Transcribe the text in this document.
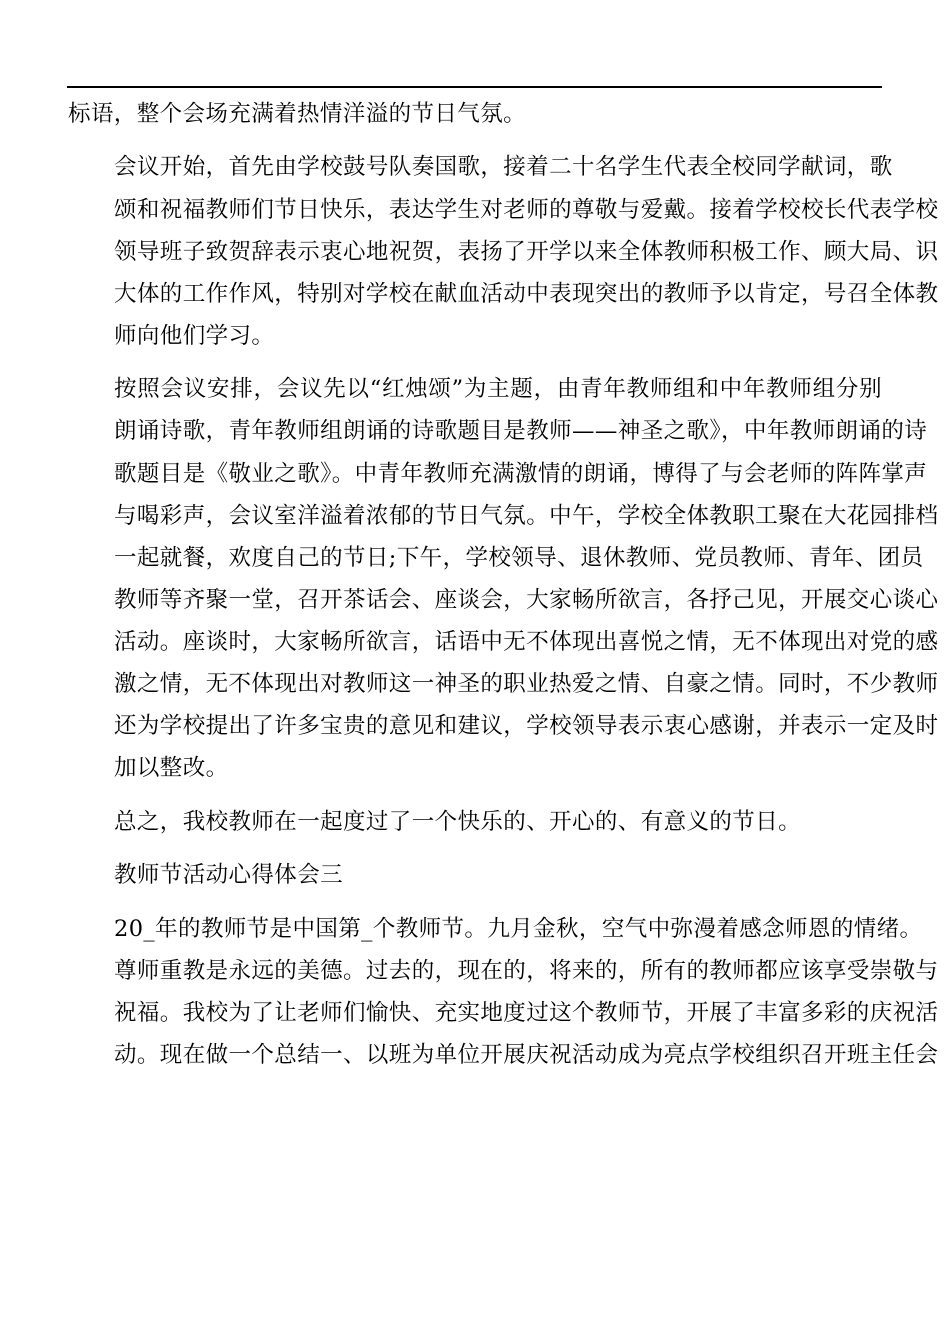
标语，整个会场充满着热情洋溢的节日气氛。

会议开始，首先由学校鼓号队奏国歌，接着二十名学生代表全校同学献词，歌
颂和祝福教师们节日快乐，表达学生对老师的尊敬与爱戴。接着学校校长代表学校
领导班子致贺辞表示衷心地祝贺，表扬了开学以来全体教师积极工作、顾大局、识
大体的工作作风，特别对学校在献血活动中表现突出的教师予以肯定，号召全体教
师向他们学习。

按照会议安排，会议先以“红烛颂”为主题，由青年教师组和中年教师组分别
朗诵诗歌，青年教师组朗诵的诗歌题目是教师——神圣之歌》，中年教师朗诵的诗
歌题目是《敬业之歌》。中青年教师充满激情的朗诵，博得了与会老师的阵阵掌声
与喝彩声，会议室洋溢着浓郁的节日气氛。中午，学校全体教职工聚在大花园排档
一起就餐，欢度自己的节日;下午，学校领导、退休教师、党员教师、青年、团员
教师等齐聚一堂，召开茶话会、座谈会，大家畅所欲言，各抒己见，开展交心谈心
活动。座谈时，大家畅所欲言，话语中无不体现出喜悦之情，无不体现出对党的感
激之情，无不体现出对教师这一神圣的职业热爱之情、自豪之情。同时，不少教师
还为学校提出了许多宝贵的意见和建议，学校领导表示衷心感谢，并表示一定及时
加以整改。

总之，我校教师在一起度过了一个快乐的、开心的、有意义的节日。

教师节活动心得体会三

20_年的教师节是中国第_个教师节。九月金秋，空气中弥漫着感念师恩的情绪。
尊师重教是永远的美德。过去的，现在的，将来的，所有的教师都应该享受崇敬与
祝福。我校为了让老师们愉快、充实地度过这个教师节，开展了丰富多彩的庆祝活
动。现在做一个总结一、以班为单位开展庆祝活动成为亮点学校组织召开班主任会
